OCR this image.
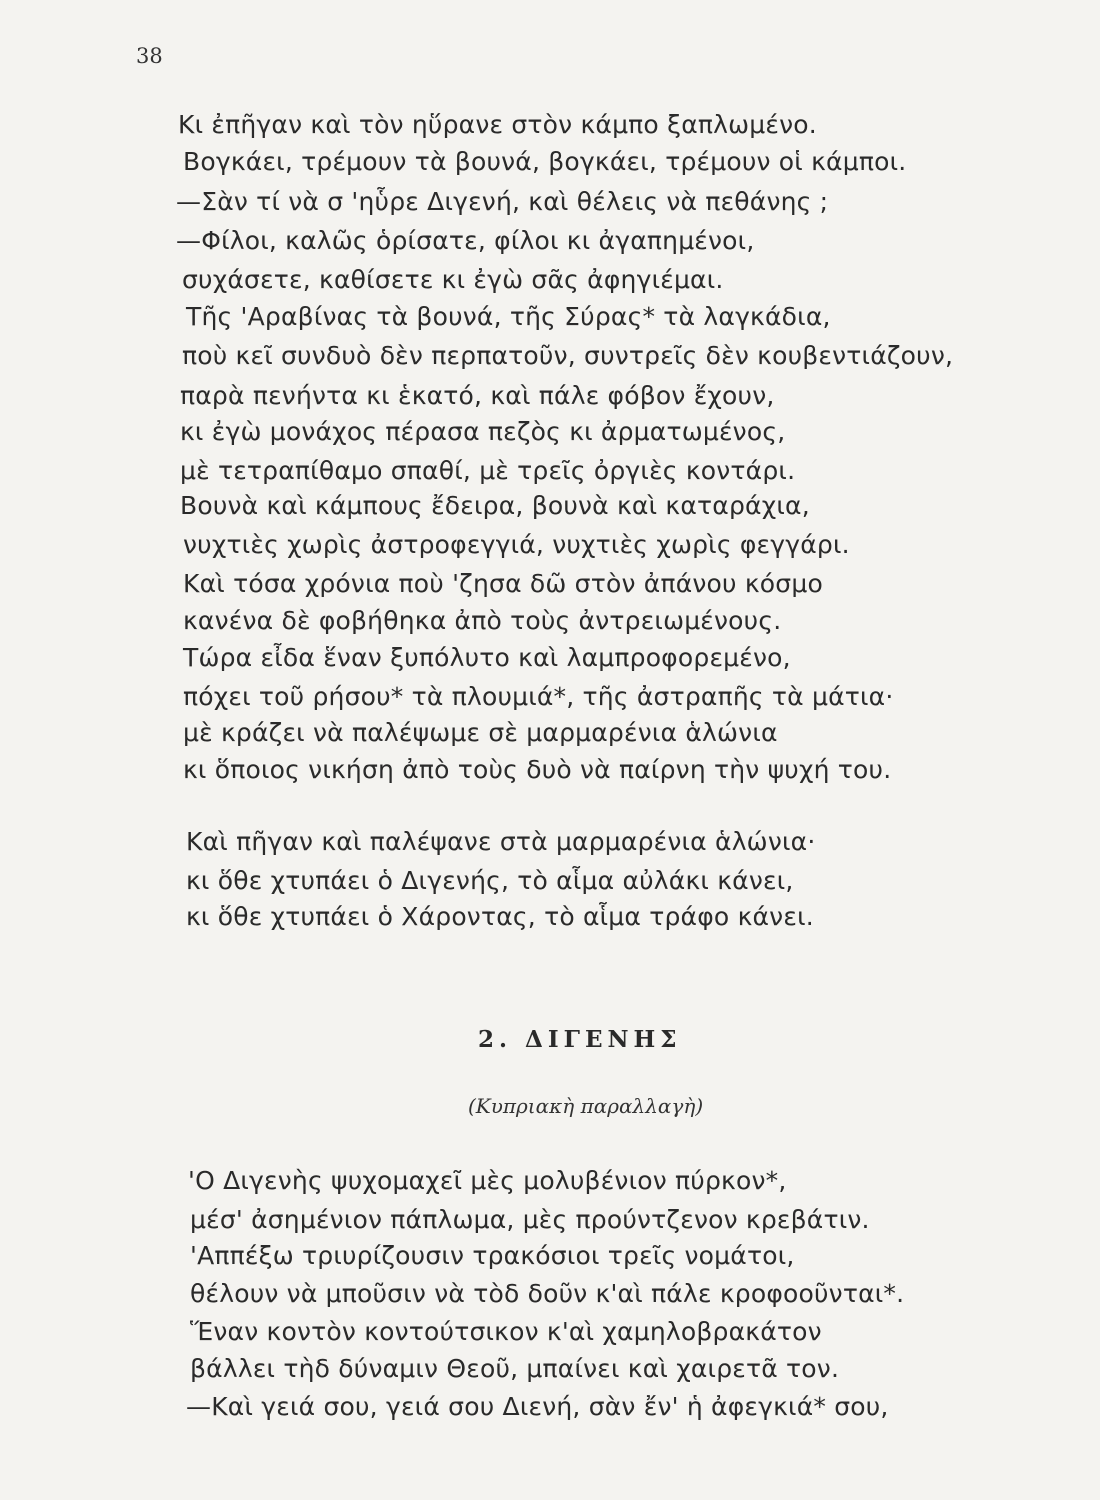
38
Κι ἐπῆγαν καὶ τὸν ηὕρανε στὸν κάμπο ξαπλωμένο.
Βογκάει, τρέμουν τὰ βουνά, βογκάει, τρέμουν οἱ κάμποι.
—Σὰν τί νὰ σ 'ηὗρε Διγενή, καὶ θέλεις νὰ πεθάνης ;
—Φίλοι, καλῶς ὁρίσατε, φίλοι κι ἀγαπημένοι,
συχάσετε, καθίσετε κι ἐγὼ σᾶς ἀφηγιέμαι.
Τῆς 'Αραβίνας τὰ βουνά, τῆς Σύρας* τὰ λαγκάδια,
ποὺ κεῖ συνδυὸ δὲν περπατοῦν, συντρεῖς δὲν κουβεντιάζουν,
παρὰ πενήντα κι ἑκατό, καὶ πάλε φόβον ἔχουν,
κι ἐγὼ μονάχος πέρασα πεζὸς κι ἀρματωμένος,
μὲ τετραπίθαμο σπαθί, μὲ τρεῖς ὀργιὲς κοντάρι.
Βουνὰ καὶ κάμπους ἔδειρα, βουνὰ καὶ καταράχια,
νυχτιὲς χωρὶς ἀστροφεγγιά, νυχτιὲς χωρὶς φεγγάρι.
Καὶ τόσα χρόνια ποὺ 'ζησα δῶ στὸν ἀπάνου κόσμο
κανένα δὲ φοβήθηκα ἀπὸ τοὺς ἀντρειωμένους.
Τώρα εἶδα ἕναν ξυπόλυτο καὶ λαμπροφορεμένο,
πόχει τοῦ ρήσου* τὰ πλουμιά*, τῆς ἀστραπῆς τὰ μάτια·
μὲ κράζει νὰ παλέψωμε σὲ μαρμαρένια ἁλώνια
κι ὅποιος νικήση ἀπὸ τοὺς δυὸ νὰ παίρνη τὴν ψυχή του.
Καὶ πῆγαν καὶ παλέψανε στὰ μαρμαρένια ἁλώνια·
κι ὅθε χτυπάει ὁ Διγενής, τὸ αἷμα αὐλάκι κάνει,
κι ὅθε χτυπάει ὁ Χάροντας, τὸ αἷμα τράφο κάνει.
2. ΔΙΓΕΝΗΣ
(Κυπριακὴ παραλλαγὴ)
'Ο Διγενὴς ψυχομαχεῖ μὲς μολυβένιον πύρκον*,
μέσ' ἀσημένιον πάπλωμα, μὲς προύντζενον κρεβάτιν.
'Αππέξω τριυρίζουσιν τρακόσιοι τρεῖς νομάτοι,
θέλουν νὰ μποῦσιν νὰ τὸδ δοῦν κ'αὶ πάλε κροφοοῦνται*.
Ἕναν κοντὸν κοντούτσικον κ'αὶ χαμηλοβρακάτον
βάλλει τὴδ δύναμιν Θεοῦ, μπαίνει καὶ χαιρετᾶ τον.
—Καὶ γειά σου, γειά σου Διενή, σὰν ἔν' ἡ ἀφεγκιά* σου,
